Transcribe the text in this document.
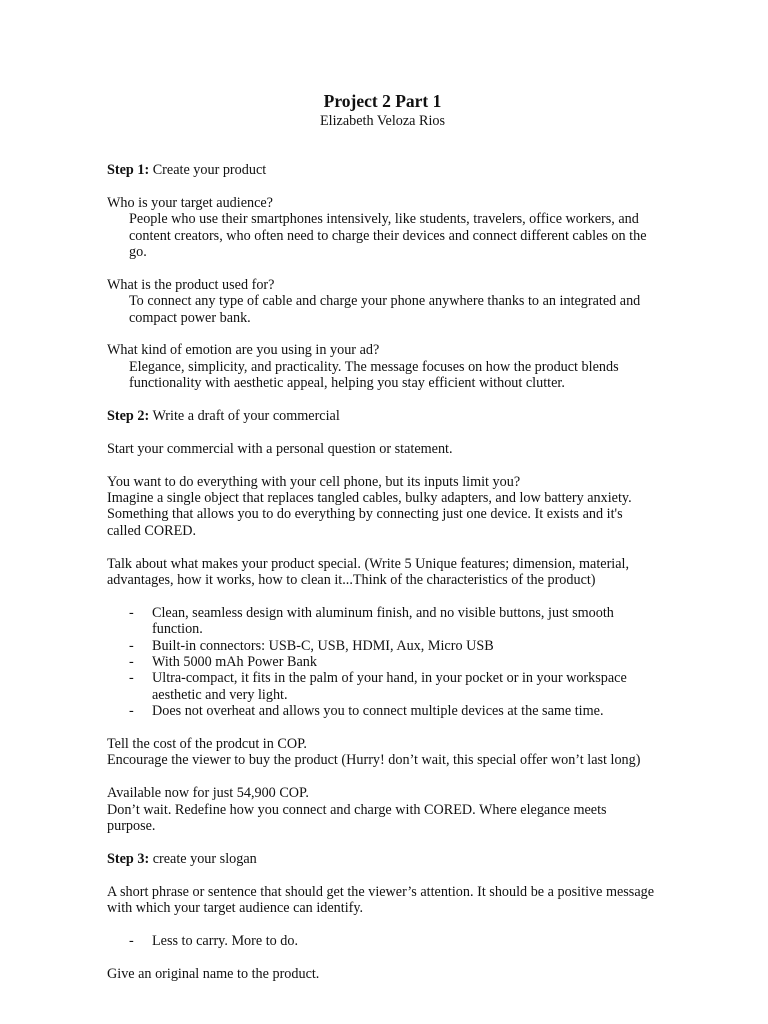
Project 2 Part 1

Elizabeth Veloza Rios

Step 1: Create your product

Who is your target audience?

People who use their smartphones intensively, like students, travelers, office workers, and content creators, who often need to charge their devices and connect different cables on the go.

What is the product used for?

To connect any type of cable and charge your phone anywhere thanks to an integrated and compact power bank.

What kind of emotion are you using in your ad?

Elegance, simplicity, and practicality. The message focuses on how the product blends functionality with aesthetic appeal, helping you stay efficient without clutter.

Step 2: Write a draft of your commercial

Start your commercial with a personal question or statement.

You want to do everything with your cell phone, but its inputs limit you?

Imagine a single object that replaces tangled cables, bulky adapters, and low battery anxiety. Something that allows you to do everything by connecting just one device. It exists and it's called CORED.

Talk about what makes your product special. (Write 5 Unique features; dimension, material, advantages, how it works, how to clean it...Think of the characteristics of the product)

- Clean, seamless design with aluminum finish, and no visible buttons, just smooth function.
- Built-in connectors: USB-C, USB, HDMI, Aux, Micro USB
- With 5000 mAh Power Bank
- Ultra-compact, it fits in the palm of your hand, in your pocket or in your workspace aesthetic and very light.
- Does not overheat and allows you to connect multiple devices at the same time.

Tell the cost of the prodcut in COP.

Encourage the viewer to buy the product (Hurry! don’t wait, this special offer won’t last long)

Available now for just 54,900 COP.

Don’t wait. Redefine how you connect and charge with CORED. Where elegance meets purpose.

Step 3: create your slogan

A short phrase or sentence that should get the viewer’s attention. It should be a positive message with which your target audience can identify.

- Less to carry. More to do.

Give an original name to the product.
